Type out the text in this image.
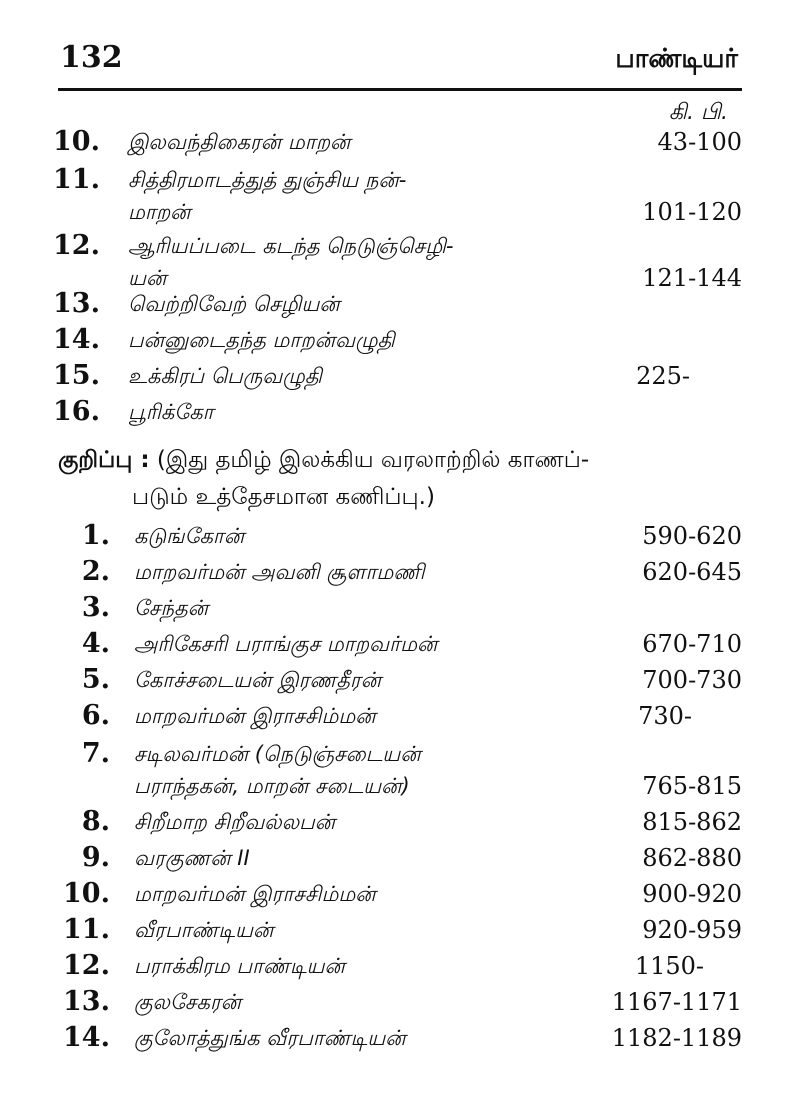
132	பாண்டியர்
கி. பி.
10. இலவந்திகைரன் மாறன்	43-100
11. சித்திரமாடத்துத் துஞ்சிய நன்-
மாறன்	101-120
12. ஆரியப்படை கடந்த நெடுஞ்செழி-
யன்	121-144
13. வெற்றிவேற் செழியன்
14. பன்னுடைதந்த மாறன்வழுதி
15. உக்கிரப் பெருவழுதி	225-
16. பூரிக்கோ
குறிப்பு : (இது தமிழ் இலக்கிய வரலாற்றில் காணப்-
படும் உத்தேசமான கணிப்பு.)
1. கடுங்கோன்	590-620
2. மாறவர்மன் அவனி சூளாமணி	620-645
3. சேந்தன்
4. அரிகேசரி பராங்குச மாறவர்மன்	670-710
5. கோச்சடையன் இரணதீரன்	700-730
6. மாறவர்மன் இராசசிம்மன்	730-
7. சடிலவர்மன் (நெடுஞ்சடையன்
பராந்தகன், மாறன் சடையன்)	765-815
8. சிறீமாற சிறீவல்லபன்	815-862
9. வரகுணன் II	862-880
10. மாறவர்மன் இராசசிம்மன்	900-920
11. வீரபாண்டியன்	920-959
12. பராக்கிரம பாண்டியன்	1150-
13. குலசேகரன்	1167-1171
14. குலோத்துங்க வீரபாண்டியன்	1182-1189
